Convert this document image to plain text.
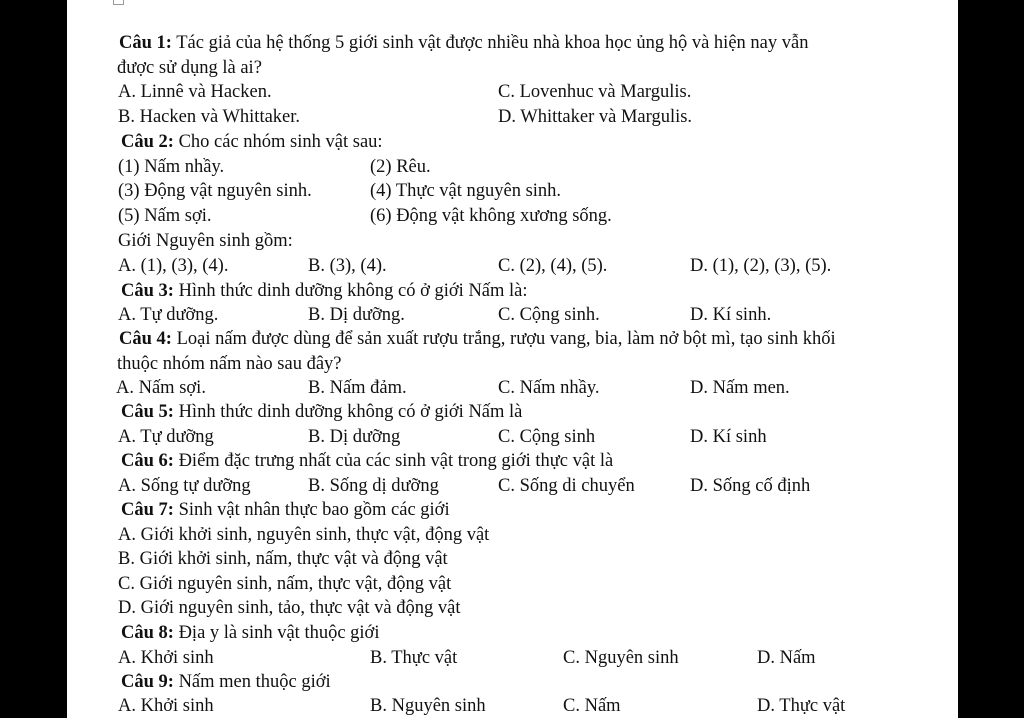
Câu 1: Tác giả của hệ thống 5 giới sinh vật được nhiều nhà khoa học ủng hộ và hiện nay vẫn
được sử dụng là ai?
A. Linnê và Hacken.	C. Lovenhuc và Margulis.
B. Hacken và Whittaker.	D. Whittaker và Margulis.
Câu 2: Cho các nhóm sinh vật sau:
(1) Nấm nhầy.	(2) Rêu.
(3) Động vật nguyên sinh.	(4) Thực vật nguyên sinh.
(5) Nấm sợi.	(6) Động vật không xương sống.
Giới Nguyên sinh gồm:
A. (1), (3), (4).	B. (3), (4).	C. (2), (4), (5).	D. (1), (2), (3), (5).
Câu 3: Hình thức dinh dưỡng không có ở giới Nấm là:
A. Tự dưỡng.	B. Dị dưỡng.	C. Cộng sinh.	D. Kí sinh.
Câu 4: Loại nấm được dùng để sản xuất rượu trắng, rượu vang, bia, làm nở bột mì, tạo sinh khối
thuộc nhóm nấm nào sau đây?
A. Nấm sợi.	B. Nấm đảm.	C. Nấm nhầy.	D. Nấm men.
Câu 5: Hình thức dinh dưỡng không có ở giới Nấm là
A. Tự dưỡng	B. Dị dưỡng	C. Cộng sinh	D. Kí sinh
Câu 6: Điểm đặc trưng nhất của các sinh vật trong giới thực vật là
A. Sống tự dưỡng	B. Sống dị dưỡng	C. Sống di chuyển	D. Sống cố định
Câu 7: Sinh vật nhân thực bao gồm các giới
A. Giới khởi sinh, nguyên sinh, thực vật, động vật
B. Giới khởi sinh, nấm, thực vật và động vật
C. Giới nguyên sinh, nấm, thực vật, động vật
D. Giới nguyên sinh, tảo, thực vật và động vật
Câu 8: Địa y là sinh vật thuộc giới
A. Khởi sinh	B. Thực vật	C. Nguyên sinh	D. Nấm
Câu 9: Nấm men thuộc giới
A. Khởi sinh	B. Nguyên sinh	C. Nấm	D. Thực vật
